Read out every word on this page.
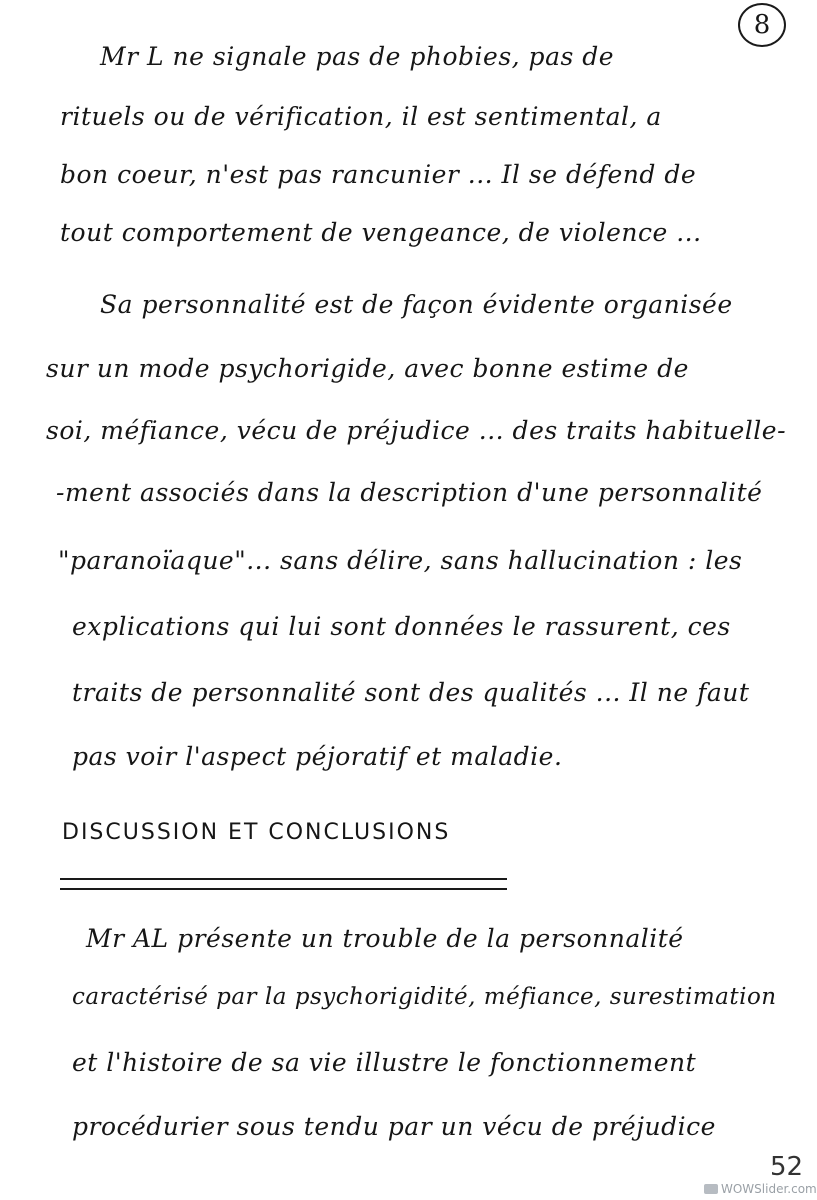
8
Mr L ne signale pas de phobies, pas de
rituels ou de vérification, il est sentimental, a
bon coeur, n'est pas rancunier ... Il se défend de
tout comportement de vengeance, de violence ...
Sa personnalité est de façon évidente organisée
sur un mode psychorigide, avec bonne estime de
soi, méfiance, vécu de préjudice ... des traits habituelle-
-ment associés dans la description d'une personnalité
"paranoïaque"... sans délire, sans hallucination : les
explications qui lui sont données le rassurent, ces
traits de personnalité sont des qualités ... Il ne faut
pas voir l'aspect péjoratif et maladie.
DISCUSSION ET CONCLUSIONS
Mr AL présente un trouble de la personnalité
caractérisé par la psychorigidité, méfiance, surestimation
et l'histoire de sa vie illustre le fonctionnement
procédurier sous tendu par un vécu de préjudice
52
WOWSlider.com
